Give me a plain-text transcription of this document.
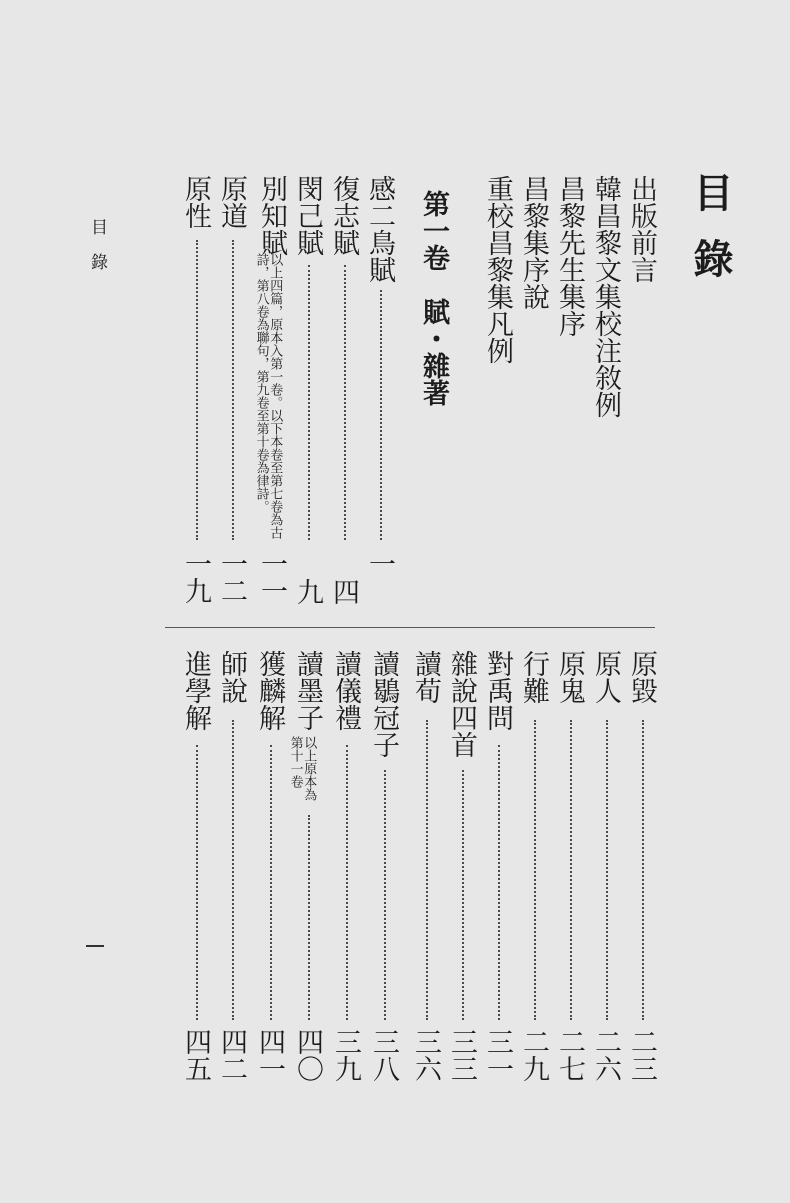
目錄	目錄
出版前言
韓昌黎文集校注敘例
昌黎先生集序
昌黎集序說
重校昌黎集凡例
第一卷　賦・雜著
感二鳥賦
一
復志賦
四
閔己賦
九
別知賦
以上四篇，原本入第一卷。以下本卷至第七卷為古詩，第八卷為聯句，第九卷至第十卷為律詩。
一一
原道
一二
原性
一九
原毀
二三
原人
二六
原鬼
二七
行難
二九
對禹問
三一
雜說四首
三三
讀荀
三六
讀鶡冠子
三八
讀儀禮
三九
讀墨子
以上原本為第十一卷
四〇
獲麟解
四一
師說
四二
進學解
四五
